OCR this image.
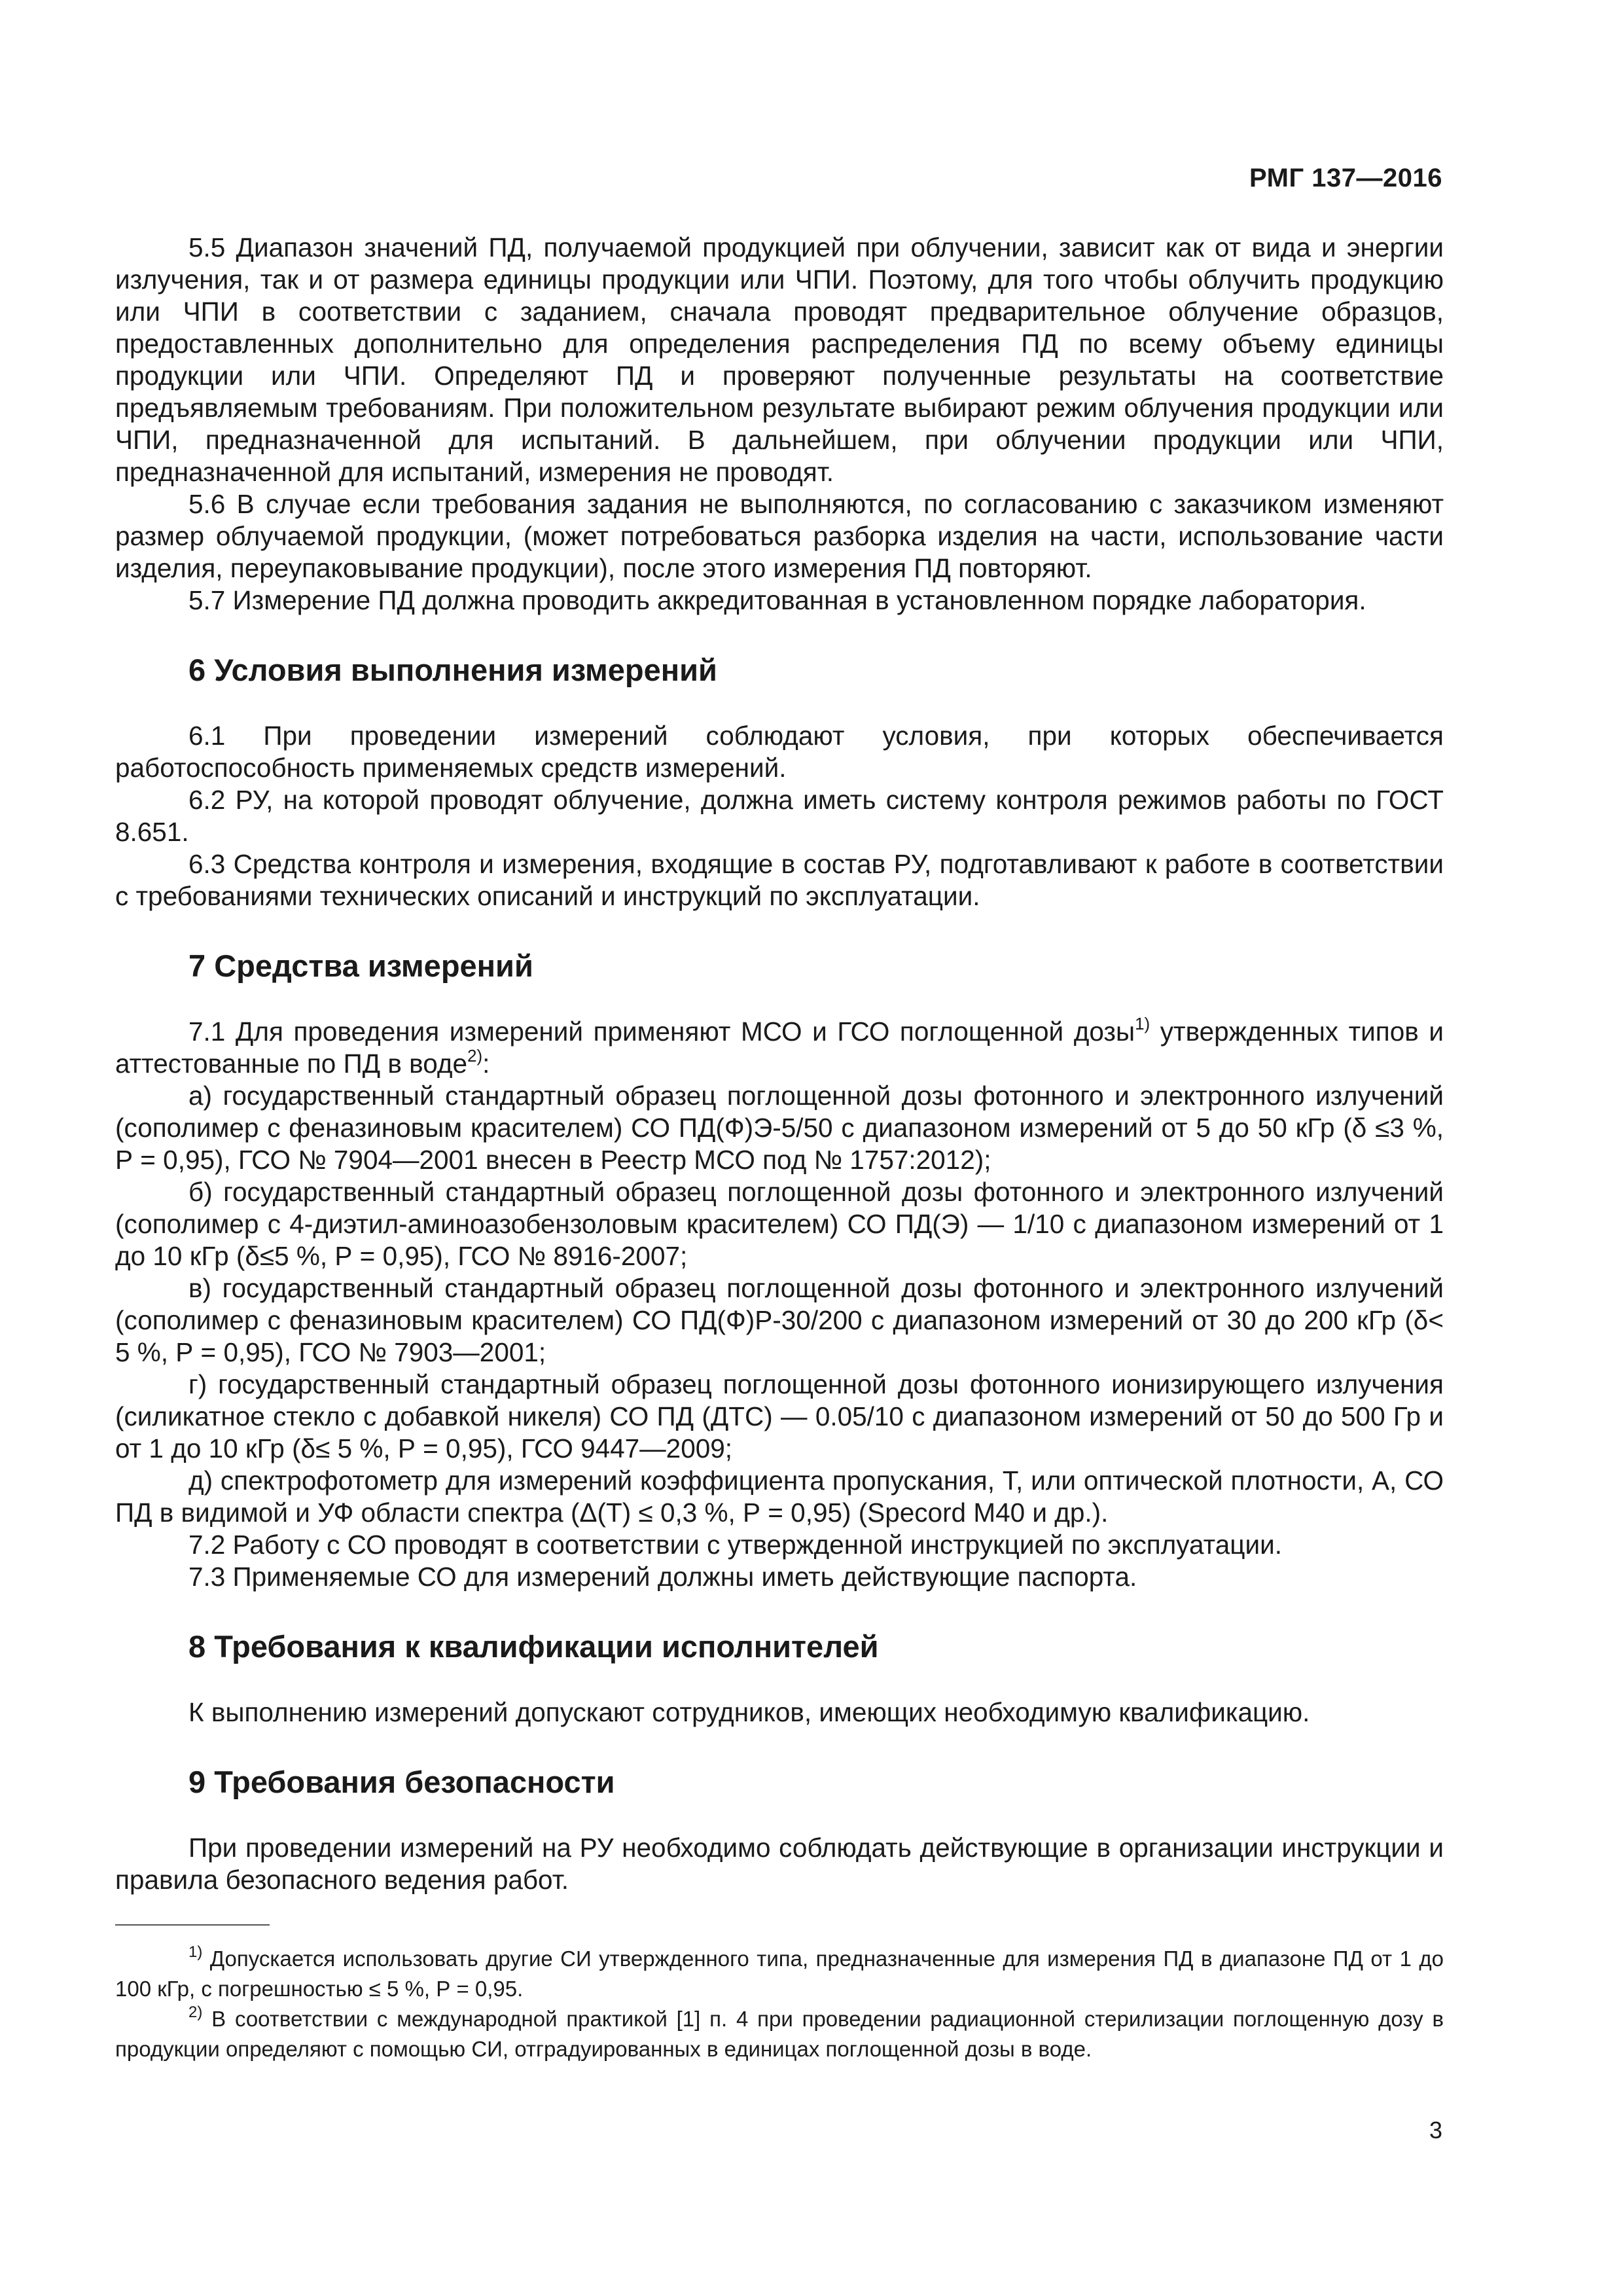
РМГ 137—2016

5.5 Диапазон значений ПД, получаемой продукцией при облучении, зависит как от вида и энергии излучения, так и от размера единицы продукции или ЧПИ. Поэтому, для того чтобы облучить продукцию или ЧПИ в соответствии с заданием, сначала проводят предварительное облучение образцов, предоставленных дополнительно для определения распределения ПД по всему объему единицы продукции или ЧПИ. Определяют ПД и проверяют полученные результаты на соответствие предъявляемым требованиям. При положительном результате выбирают режим облучения продукции или ЧПИ, предназначенной для испытаний. В дальнейшем, при облучении продукции или ЧПИ, предназначенной для испытаний, измерения не проводят.

5.6 В случае если требования задания не выполняются, по согласованию с заказчиком изменяют размер облучаемой продукции, (может потребоваться разборка изделия на части, использование части изделия, переупаковывание продукции), после этого измерения ПД повторяют.

5.7 Измерение ПД должна проводить аккредитованная в установленном порядке лаборатория.

6 Условия выполнения измерений

6.1 При проведении измерений соблюдают условия, при которых обеспечивается работоспособность применяемых средств измерений.

6.2 РУ, на которой проводят облучение, должна иметь систему контроля режимов работы по ГОСТ 8.651.

6.3 Средства контроля и измерения, входящие в состав РУ, подготавливают к работе в соответствии с требованиями технических описаний и инструкций по эксплуатации.

7 Средства измерений

7.1 Для проведения измерений применяют МСО и ГСО поглощенной дозы$^{1)}$ утвержденных типов и аттестованные по ПД в воде$^{2)}$:

а) государственный стандартный образец поглощенной дозы фотонного и электронного излучений (сополимер с феназиновым красителем) СО ПД(Ф)Э-5/50 с диапазоном измерений от 5 до 50 кГр (δ ≤3 %, Р = 0,95), ГСО № 7904—2001 внесен в Реестр МСО под № 1757:2012);

б) государственный стандартный образец поглощенной дозы фотонного и электронного излучений (сополимер с 4-диэтил-аминоазобензоловым красителем) СО ПД(Э) — 1/10 с диапазоном измерений от 1 до 10 кГр (δ≤5 %, Р = 0,95), ГСО № 8916-2007;

в) государственный стандартный образец поглощенной дозы фотонного и электронного излучений (сополимер с феназиновым красителем) СО ПД(Ф)Р-30/200 с диапазоном измерений от 30 до 200 кГр (δ< 5 %, Р = 0,95), ГСО № 7903—2001;

г) государственный стандартный образец поглощенной дозы фотонного ионизирующего излучения (силикатное стекло с добавкой никеля) СО ПД (ДТС) — 0.05/10 с диапазоном измерений от 50 до 500 Гр и от 1 до 10 кГр (δ≤ 5 %, Р = 0,95), ГСО 9447—2009;

д) спектрофотометр для измерений коэффициента пропускания, Т, или оптической плотности, А, СО ПД в видимой и УФ области спектра (Δ(Т) ≤ 0,3 %, Р = 0,95) (Specord М40 и др.).

7.2 Работу с СО проводят в соответствии с утвержденной инструкцией по эксплуатации.

7.3 Применяемые СО для измерений должны иметь действующие паспорта.

8 Требования к квалификации исполнителей

К выполнению измерений допускают сотрудников, имеющих необходимую квалификацию.

9 Требования безопасности

При проведении измерений на РУ необходимо соблюдать действующие в организации инструкции и правила безопасного ведения работ.

$^{1)}$ Допускается использовать другие СИ утвержденного типа, предназначенные для измерения ПД в диапазоне ПД от 1 до 100 кГр, с погрешностью ≤ 5 %, Р = 0,95.

$^{2)}$ В соответствии с международной практикой [1] п. 4 при проведении радиационной стерилизации поглощенную дозу в продукции определяют с помощью СИ, отградуированных в единицах поглощенной дозы в воде.

3
